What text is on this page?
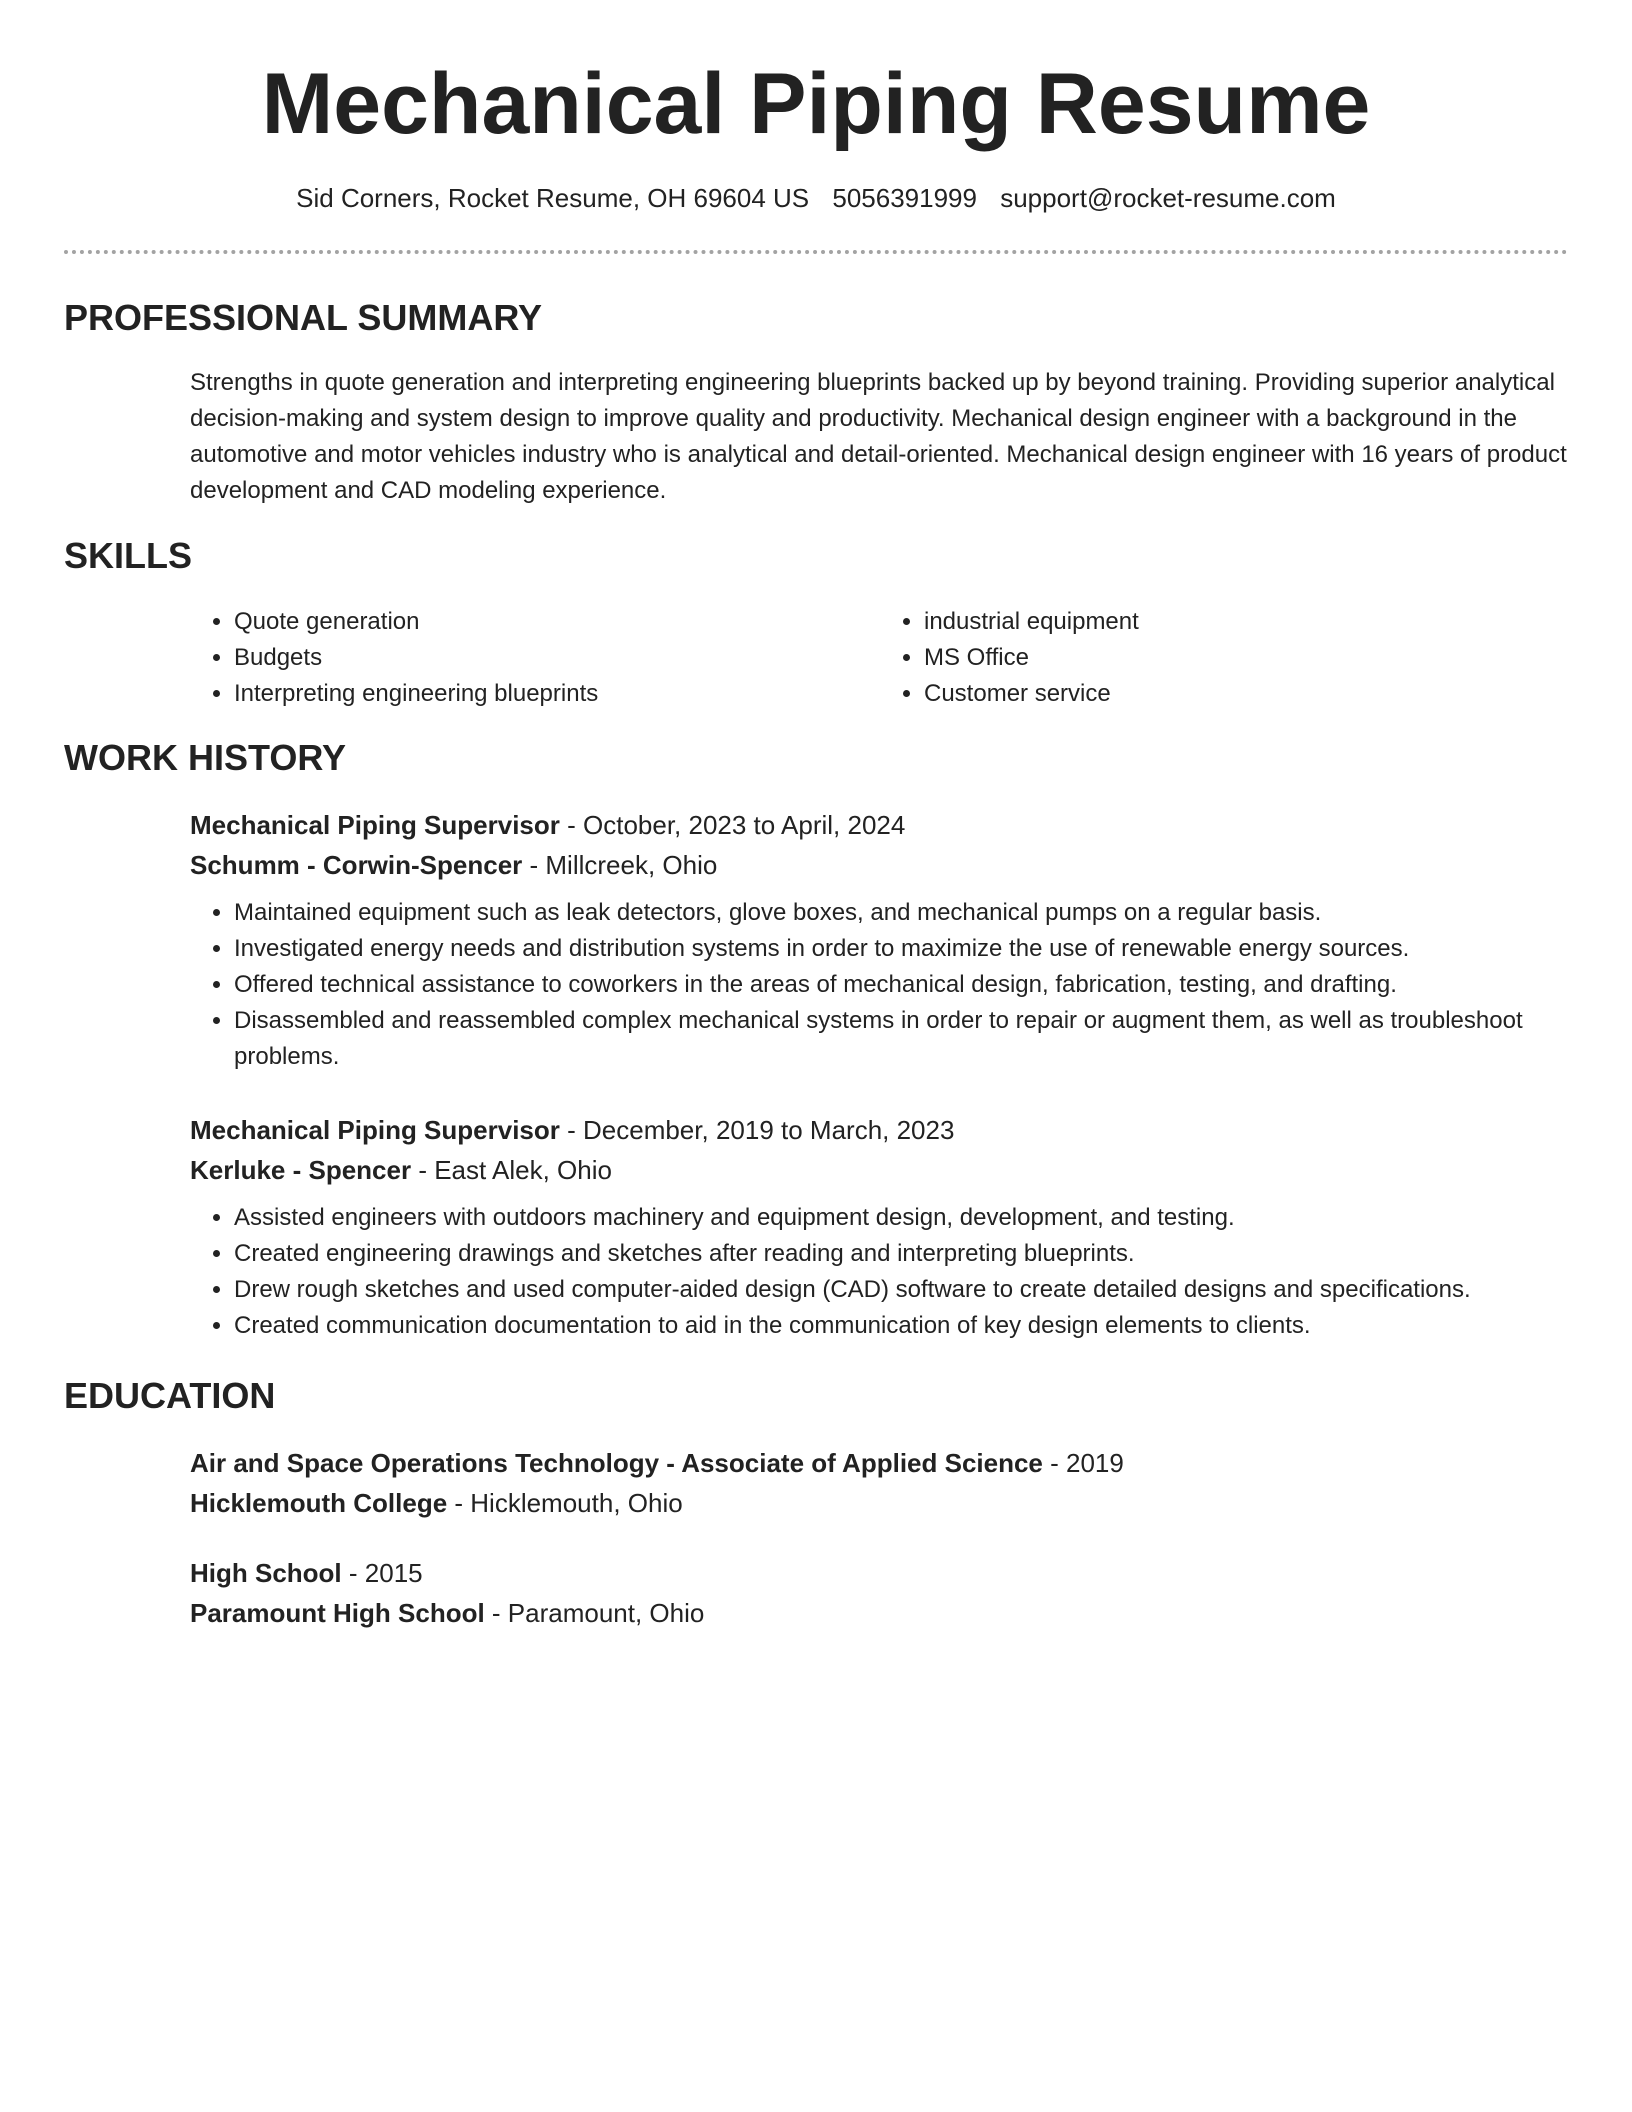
Mechanical Piping Resume
Sid Corners, Rocket Resume, OH 69604 US 5056391999 support@rocket-resume.com
PROFESSIONAL SUMMARY

Strengths in quote generation and interpreting engineering blueprints backed up by beyond training. Providing superior analytical decision-making and system design to improve quality and productivity. Mechanical design engineer with a background in the automotive and motor vehicles industry who is analytical and detail-oriented. Mechanical design engineer with 16 years of product development and CAD modeling experience.

SKILLS
• Quote generation
• Budgets
• Interpreting engineering blueprints
• industrial equipment
• MS Office
• Customer service
WORK HISTORY

Mechanical Piping Supervisor - October, 2023 to April, 2024

Schumm - Corwin-Spencer - Millcreek, Ohio

• Maintained equipment such as leak detectors, glove boxes, and mechanical pumps on a regular basis.
• Investigated energy needs and distribution systems in order to maximize the use of renewable energy sources.
• Offered technical assistance to coworkers in the areas of mechanical design, fabrication, testing, and drafting.
• Disassembled and reassembled complex mechanical systems in order to repair or augment them, as well as troubleshoot problems.

Mechanical Piping Supervisor - December, 2019 to March, 2023

Kerluke - Spencer - East Alek, Ohio

• Assisted engineers with outdoors machinery and equipment design, development, and testing.
• Created engineering drawings and sketches after reading and interpreting blueprints.
• Drew rough sketches and used computer-aided design (CAD) software to create detailed designs and specifications.
• Created communication documentation to aid in the communication of key design elements to clients.
EDUCATION

Air and Space Operations Technology - Associate of Applied Science - 2019

Hicklemouth College - Hicklemouth, Ohio

High School - 2015

Paramount High School - Paramount, Ohio
